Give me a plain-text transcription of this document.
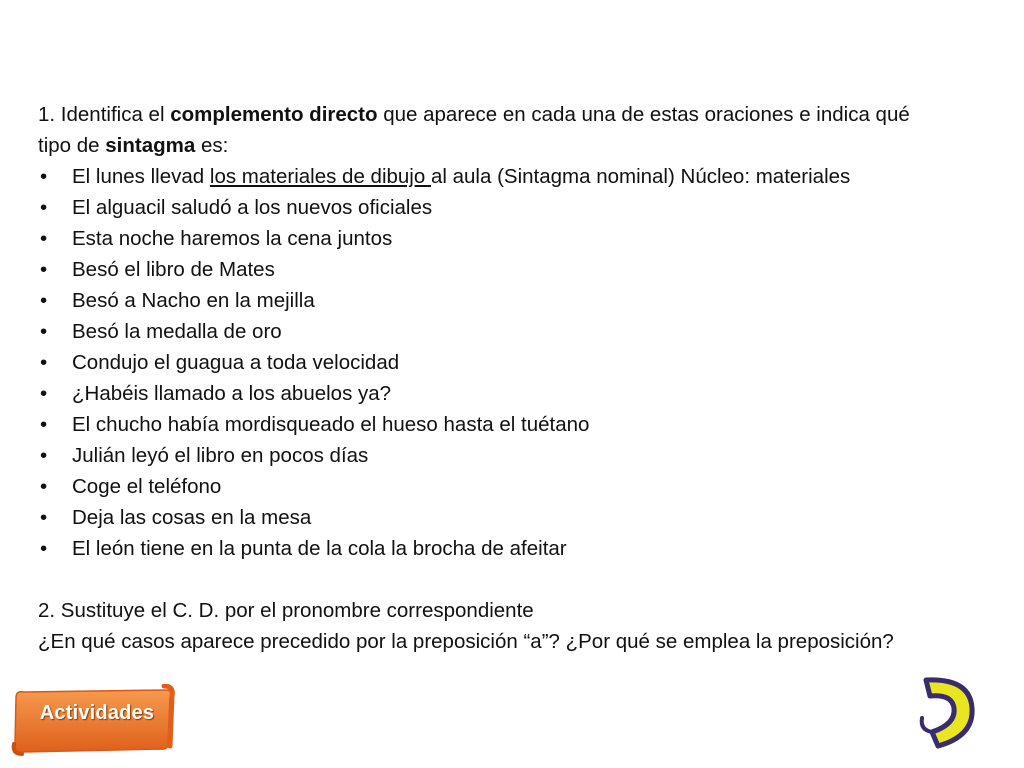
1. Identifica el complemento directo que aparece en cada una de estas oraciones e indica qué
tipo de sintagma es:
• El lunes llevad los materiales de dibujo al aula (Sintagma nominal) Núcleo: materiales
• El alguacil saludó a los nuevos oficiales
• Esta noche haremos la cena juntos
• Besó el libro de Mates
• Besó a Nacho en la mejilla
• Besó la medalla de oro
• Condujo el guagua a toda velocidad
• ¿Habéis llamado a los abuelos ya?
• El chucho había mordisqueado el hueso hasta el tuétano
• Julián leyó el libro en pocos días
• Coge el teléfono
• Deja las cosas en la mesa
• El león tiene en la punta de la cola la brocha de afeitar
2. Sustituye el C. D. por el pronombre correspondiente
¿En qué casos aparece precedido por la preposición “a”? ¿Por qué se emplea la preposición?
Actividades
